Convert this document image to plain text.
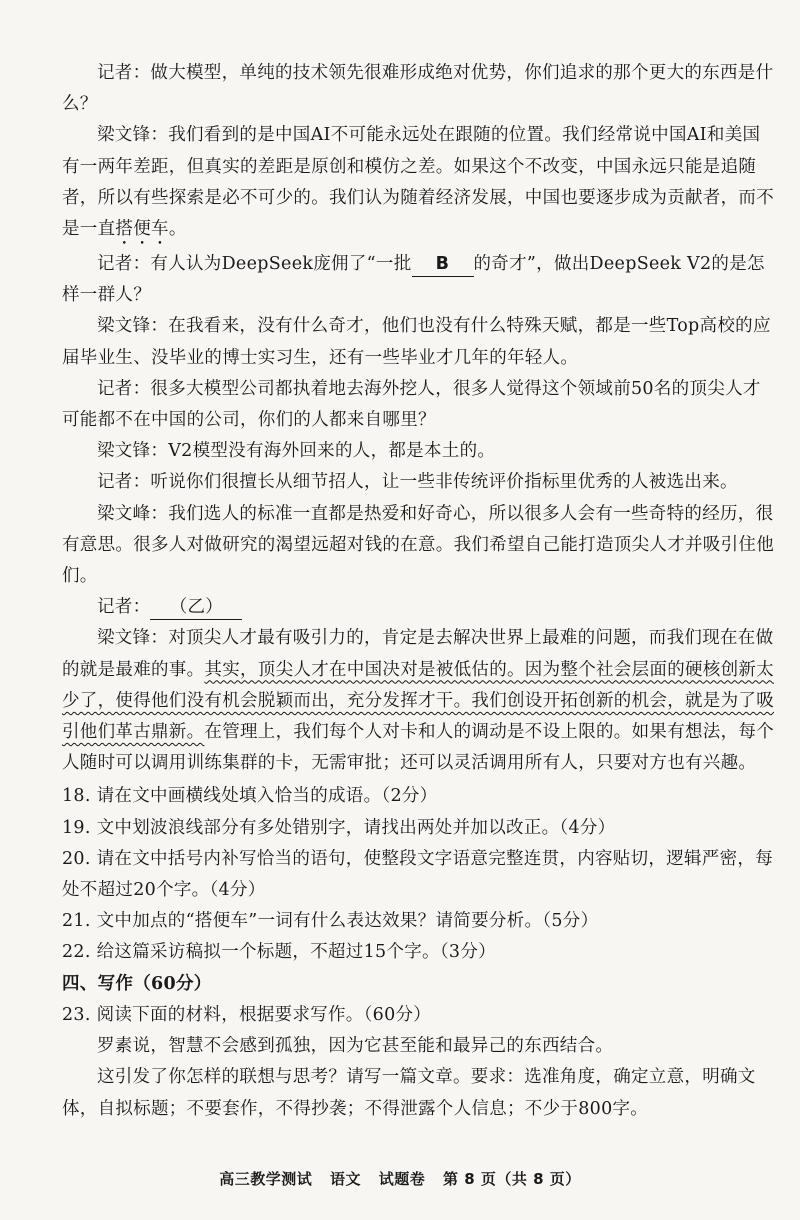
记者：做大模型，单纯的技术领先很难形成绝对优势，你们追求的那个更大的东西是什么？

梁文锋：我们看到的是中国AI不可能永远处在跟随的位置。我们经常说中国AI和美国有一两年差距，但真实的差距是原创和模仿之差。如果这个不改变，中国永远只能是追随者，所以有些探索是必不可少的。我们认为随着经济发展，中国也要逐步成为贡献者，而不是一直搭便车。

记者：有人认为DeepSeek庞佣了“一批 B 的奇才”，做出DeepSeek V2的是怎样一群人？

梁文锋：在我看来，没有什么奇才，他们也没有什么特殊天赋，都是一些Top高校的应届毕业生、没毕业的博士实习生，还有一些毕业才几年的年轻人。

记者：很多大模型公司都执着地去海外挖人，很多人觉得这个领域前50名的顶尖人才可能都不在中国的公司，你们的人都来自哪里？

梁文锋：V2模型没有海外回来的人，都是本土的。

记者：听说你们很擅长从细节招人，让一些非传统评价指标里优秀的人被选出来。

梁文峰：我们选人的标准一直都是热爱和好奇心，所以很多人会有一些奇特的经历，很有意思。很多人对做研究的渴望远超对钱的在意。我们希望自己能打造顶尖人才并吸引住他们。

记者： （乙）

梁文锋：对顶尖人才最有吸引力的，肯定是去解决世界上最难的问题，而我们现在在做的就是最难的事。其实，顶尖人才在中国决对是被低估的。因为整个社会层面的硬核创新太少了，使得他们没有机会脱颖而出，充分发挥才干。我们创设开拓创新的机会，就是为了吸引他们革古鼎新。在管理上，我们每个人对卡和人的调动是不设上限的。如果有想法，每个人随时可以调用训练集群的卡，无需审批；还可以灵活调用所有人，只要对方也有兴趣。

18. 请在文中画横线处填入恰当的成语。（2分）

19. 文中划波浪线部分有多处错别字，请找出两处并加以改正。（4分）

20. 请在文中括号内补写恰当的语句，使整段文字语意完整连贯，内容贴切，逻辑严密，每处不超过20个字。（4分）

21. 文中加点的“搭便车”一词有什么表达效果？请简要分析。（5分）

22. 给这篇采访稿拟一个标题，不超过15个字。（3分）

四、写作（60分）

23. 阅读下面的材料，根据要求写作。（60分）

罗素说，智慧不会感到孤独，因为它甚至能和最异己的东西结合。

这引发了你怎样的联想与思考？请写一篇文章。要求：选准角度，确定立意，明确文体，自拟标题；不要套作，不得抄袭；不得泄露个人信息；不少于800字。

高三教学测试 语文 试题卷 第 8 页（共 8 页）
